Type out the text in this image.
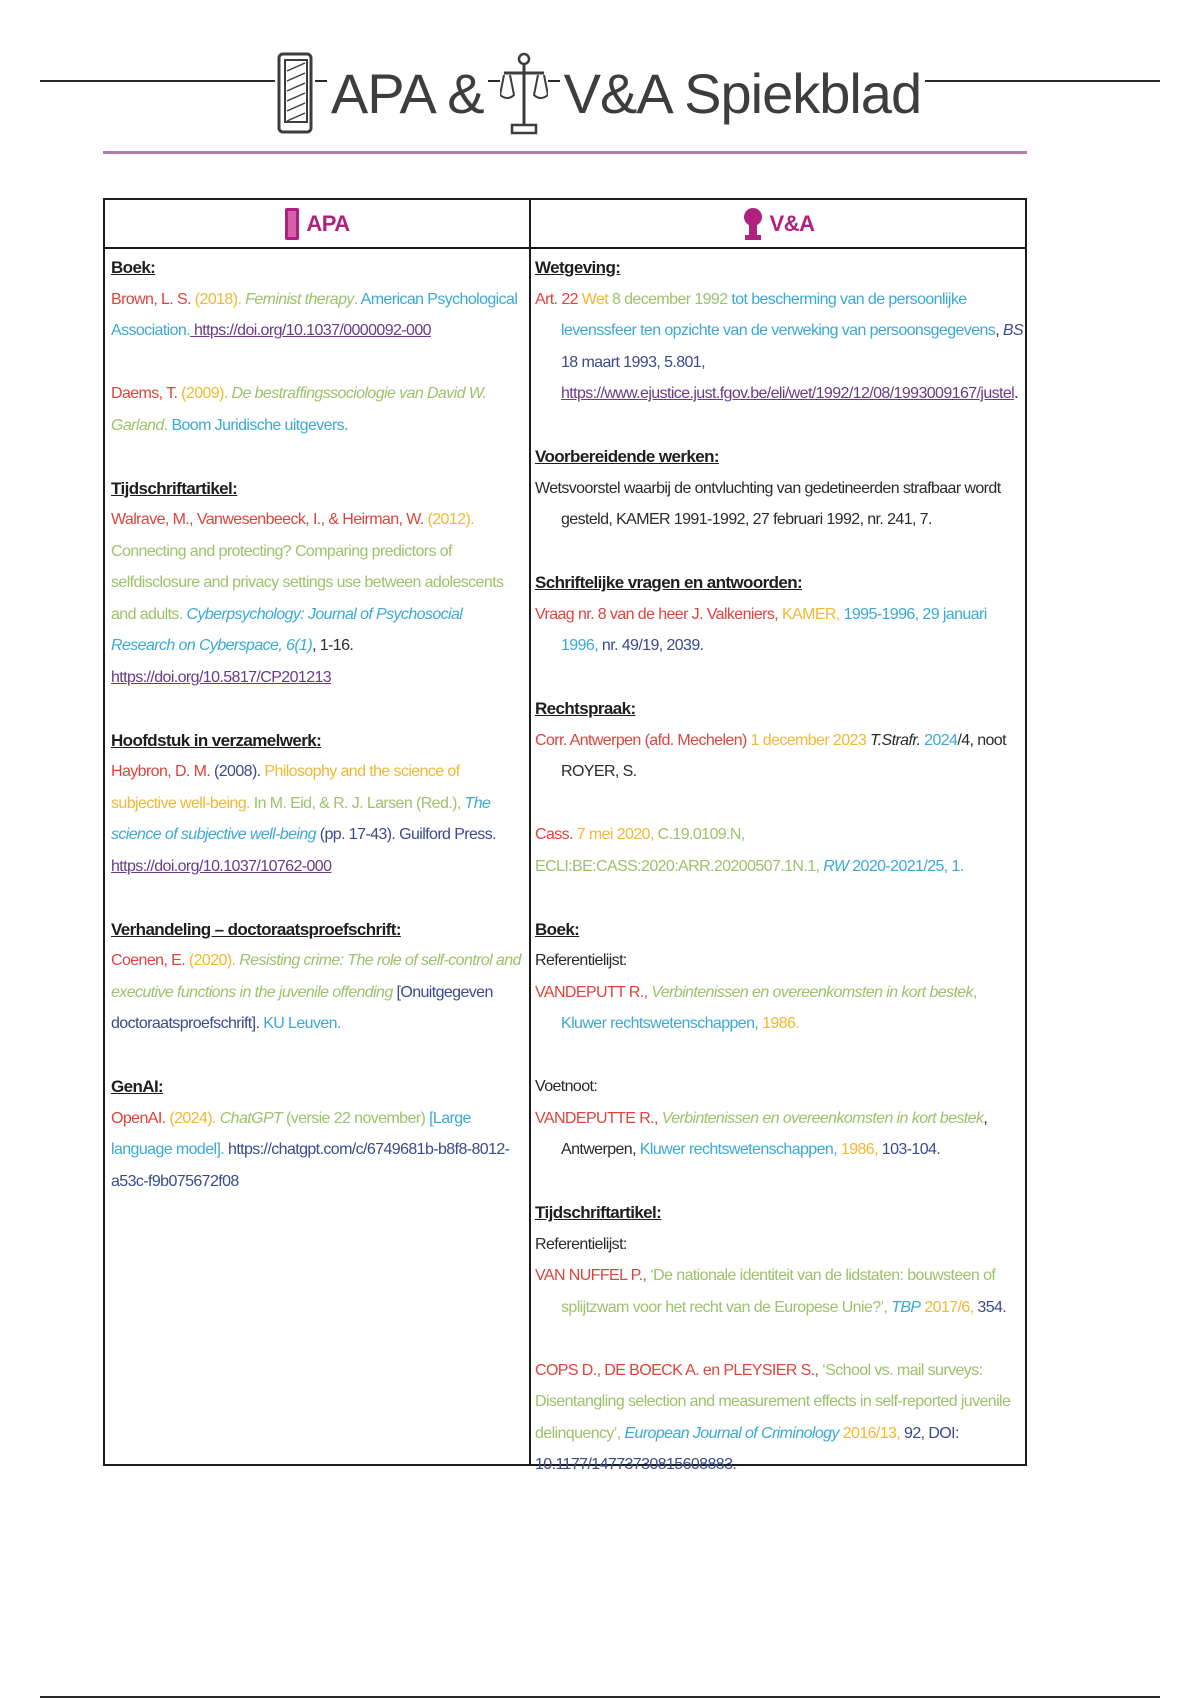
APA & V&A Spiekblad
APA	V&A

Boek:

Brown, L. S. (2018). Feminist therapy. American Psychological Association. https://doi.org/10.1037/0000092-000

Daems, T. (2009). De bestraffingssociologie van David W. Garland. Boom Juridische uitgevers.

Tijdschriftartikel:

Walrave, M., Vanwesenbeeck, I., & Heirman, W. (2012). Connecting and protecting? Comparing predictors of selfdisclosure and privacy settings use between adolescents and adults. Cyberpsychology: Journal of Psychosocial Research on Cyberspace, 6(1), 1-16. https://doi.org/10.5817/CP201213

Hoofdstuk in verzamelwerk:

Haybron, D. M. (2008). Philosophy and the science of subjective well-being. In M. Eid, & R. J. Larsen (Red.), The science of subjective well-being (pp. 17-43). Guilford Press. https://doi.org/10.1037/10762-000

Verhandeling – doctoraatsproefschrift:

Coenen, E. (2020). Resisting crime: The role of self-control and executive functions in the juvenile offending [Onuitgegeven doctoraatsproefschrift]. KU Leuven.

GenAI:

OpenAI. (2024). ChatGPT (versie 22 november) [Large language model]. https://chatgpt.com/c/6749681b-b8f8-8012-a53c-f9b075672f08

Wetgeving:

Art. 22 Wet 8 december 1992 tot bescherming van de persoonlijke levenssfeer ten opzichte van de verweking van persoonsgegevens, BS 18 maart 1993, 5.801, https://www.ejustice.just.fgov.be/eli/wet/1992/12/08/1993009167/justel.

Voorbereidende werken:

Wetsvoorstel waarbij de ontvluchting van gedetineerden strafbaar wordt gesteld, KAMER 1991-1992, 27 februari 1992, nr. 241, 7.

Schriftelijke vragen en antwoorden:

Vraag nr. 8 van de heer J. Valkeniers, KAMER, 1995-1996, 29 januari 1996, nr. 49/19, 2039.

Rechtspraak:

Corr. Antwerpen (afd. Mechelen) 1 december 2023 T.Strafr. 2024/4, noot ROYER, S.

Cass. 7 mei 2020, C.19.0109.N, ECLI:BE:CASS:2020:ARR.20200507.1N.1, RW 2020-2021/25, 1.

Boek:

Referentielijst:

VANDEPUTT R., Verbintenissen en overeenkomsten in kort bestek, Kluwer rechtswetenschappen, 1986.

Voetnoot:

VANDEPUTTE R., Verbintenissen en overeenkomsten in kort bestek, Antwerpen, Kluwer rechtswetenschappen, 1986, 103-104.

Tijdschriftartikel:

Referentielijst:

VAN NUFFEL P., ‘De nationale identiteit van de lidstaten: bouwsteen of splijtzwam voor het recht van de Europese Unie?’, TBP 2017/6, 354.

COPS D., DE BOECK A. en PLEYSIER S., ‘School vs. mail surveys: Disentangling selection and measurement effects in self-reported juvenile delinquency’, European Journal of Criminology 2016/13, 92, DOI: 10.1177/14773730815608883.
